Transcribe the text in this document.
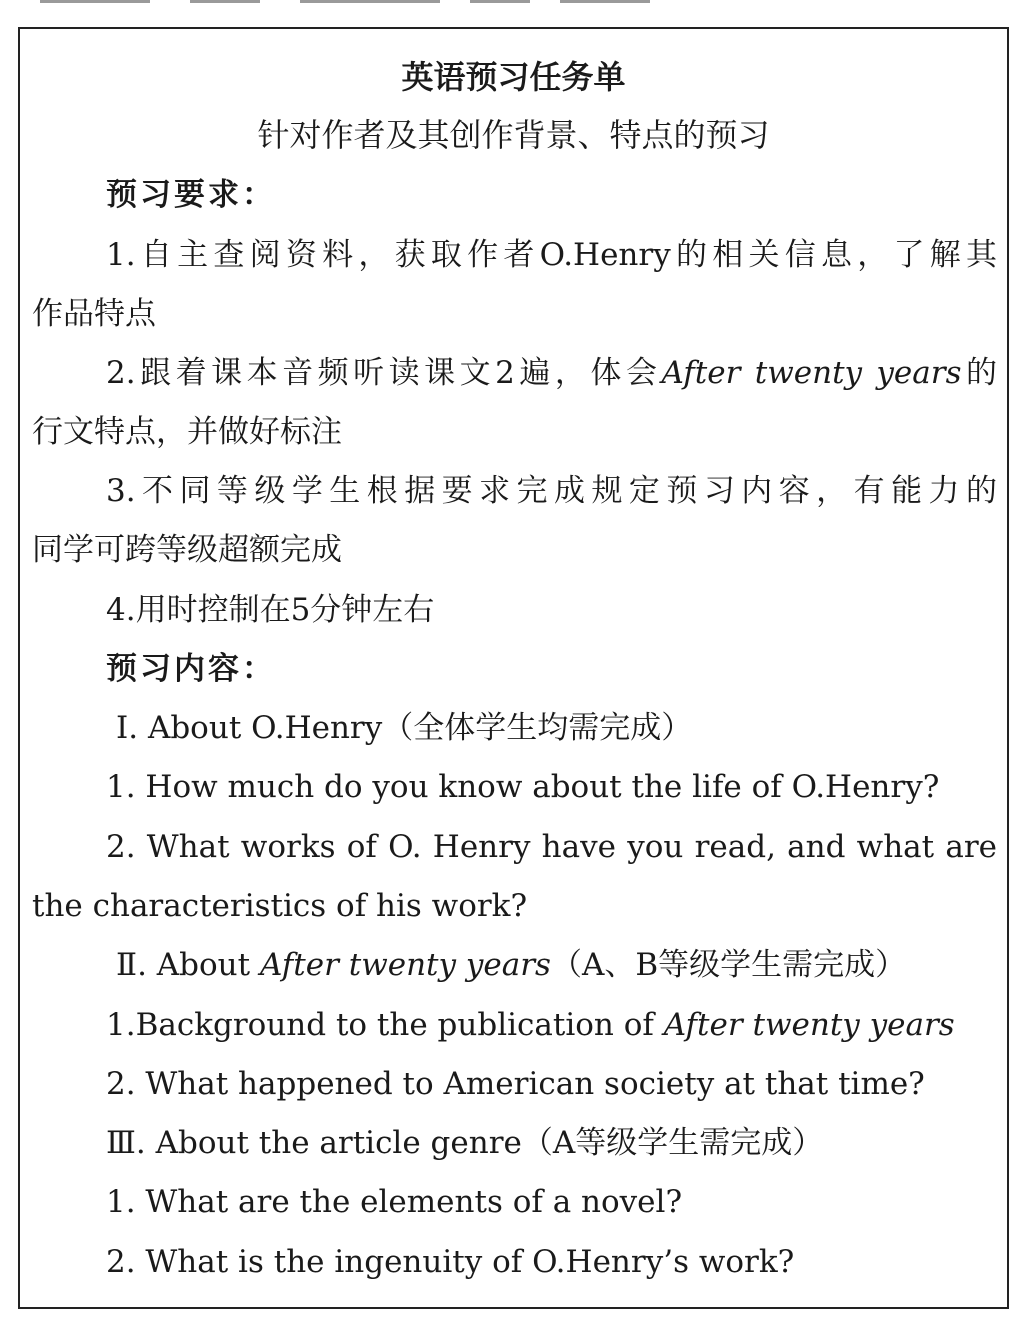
英语预习任务单
针对作者及其创作背景、特点的预习
预习要求：
1.自主查阅资料，获取作者O.Henry的相关信息，了解其
作品特点
2.跟着课本音频听读课文2遍，体会After twenty years的
行文特点，并做好标注
3.不同等级学生根据要求完成规定预习内容，有能力的
同学可跨等级超额完成
4.用时控制在5分钟左右
预习内容：
Ⅰ. About O.Henry（全体学生均需完成）
1. How much do you know about the life of O.Henry?
2. What works of O. Henry have you read, and what are
the characteristics of his work?
Ⅱ. About After twenty years（A、B等级学生需完成）
1.Background to the publication of After twenty years
2. What happened to American society at that time?
Ⅲ. About the article genre（A等级学生需完成）
1. What are the elements of a novel?
2. What is the ingenuity of O.Henry’s work?
